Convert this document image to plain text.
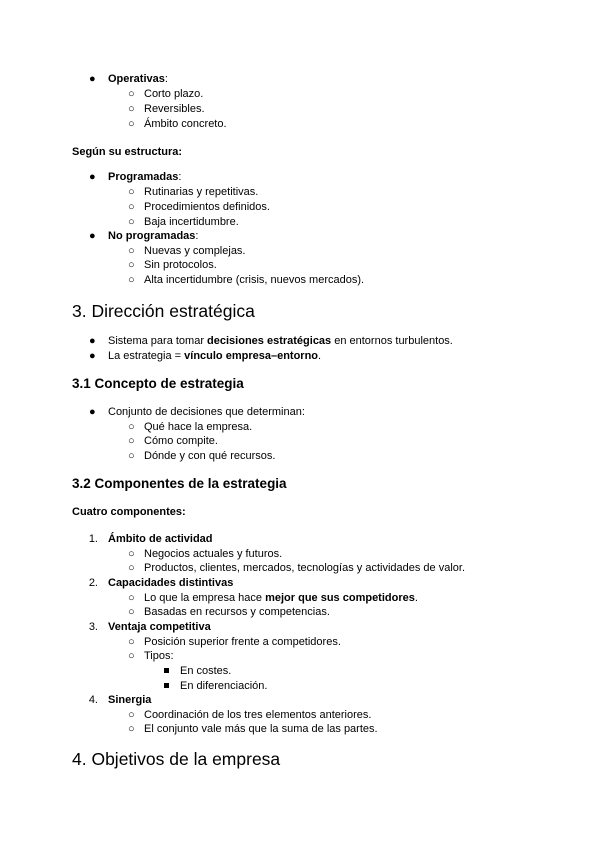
● Operativas:
○ Corto plazo.
○ Reversibles.
○ Ámbito concreto.
Según su estructura:
● Programadas:
○ Rutinarias y repetitivas.
○ Procedimientos definidos.
○ Baja incertidumbre.
● No programadas:
○ Nuevas y complejas.
○ Sin protocolos.
○ Alta incertidumbre (crisis, nuevos mercados).
3. Dirección estratégica
● Sistema para tomar decisiones estratégicas en entornos turbulentos.
● La estrategia = vínculo empresa–entorno.
3.1 Concepto de estrategia
● Conjunto de decisiones que determinan:
○ Qué hace la empresa.
○ Cómo compite.
○ Dónde y con qué recursos.
3.2 Componentes de la estrategia
Cuatro componentes:
1. Ámbito de actividad
○ Negocios actuales y futuros.
○ Productos, clientes, mercados, tecnologías y actividades de valor.
2. Capacidades distintivas
○ Lo que la empresa hace mejor que sus competidores.
○ Basadas en recursos y competencias.
3. Ventaja competitiva
○ Posición superior frente a competidores.
○ Tipos:
En costes.
En diferenciación.
4. Sinergia
○ Coordinación de los tres elementos anteriores.
○ El conjunto vale más que la suma de las partes.
4. Objetivos de la empresa
